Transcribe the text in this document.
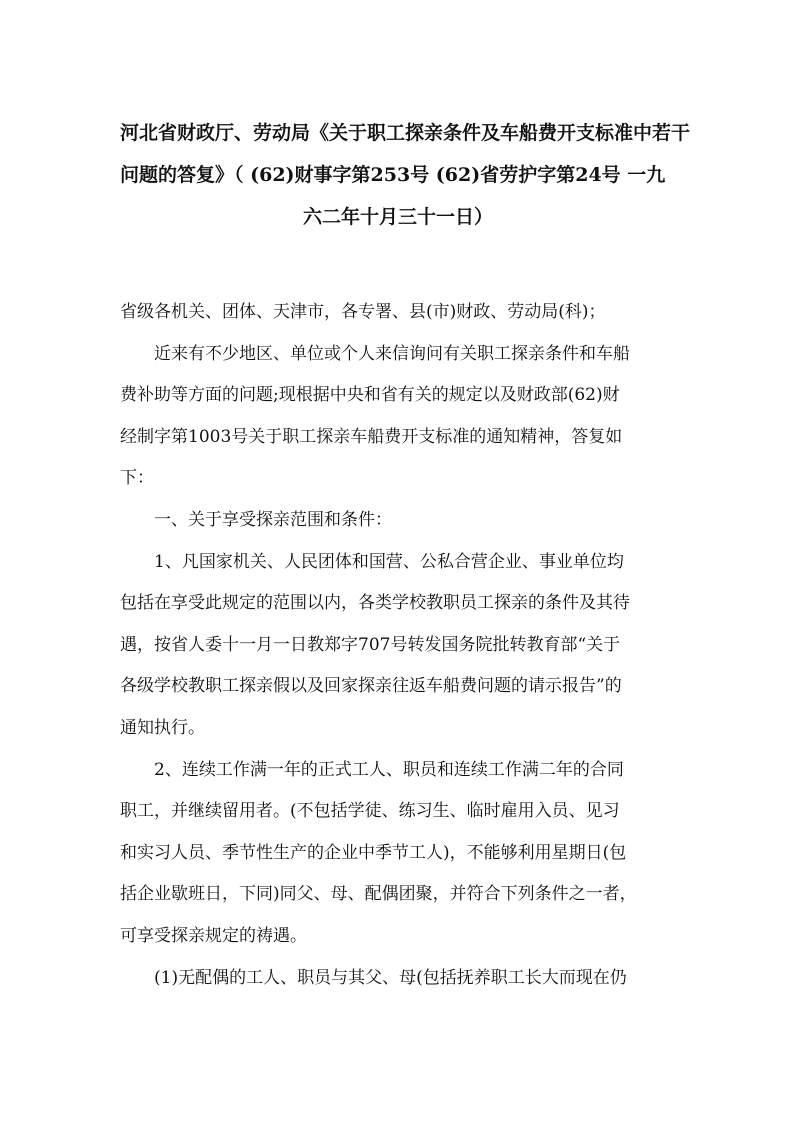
河北省财政厅、劳动局《关于职工探亲条件及车船费开支标准中若干
问题的答复》（ (62)财事字第253号 (62)省劳护字第24号 一九
六二年十月三十一日）

省级各机关、团体、天津市，各专署、县(市)财政、劳动局(科)；

近来有不少地区、单位或个人来信询问有关职工探亲条件和车船
费补助等方面的问题;现根据中央和省有关的规定以及财政部(62)财
经制字第1003号关于职工探亲车船费开支标准的通知精神，答复如
下：

一、关于享受探亲范围和条件：

1、凡国家机关、人民团体和国营、公私合营企业、事业单位均
包括在享受此规定的范围以内，各类学校教职员工探亲的条件及其待
遇，按省人委十一月一日教郑字707号转发国务院批转教育部“关于
各级学校教职工探亲假以及回家探亲往返车船费问题的请示报告”的
通知执行。

2、连续工作满一年的正式工人、职员和连续工作满二年的合同
职工，并继续留用者。(不包括学徒、练习生、临时雇用入员、见习
和实习人员、季节性生产的企业中季节工人)，不能够利用星期日(包
括企业歇班日，下同)同父、母、配偶团聚，并符合下列条件之一者，
可享受探亲规定的祷遇。

(1)无配偶的工人、职员与其父、母(包括抚养职工长大而现在仍
